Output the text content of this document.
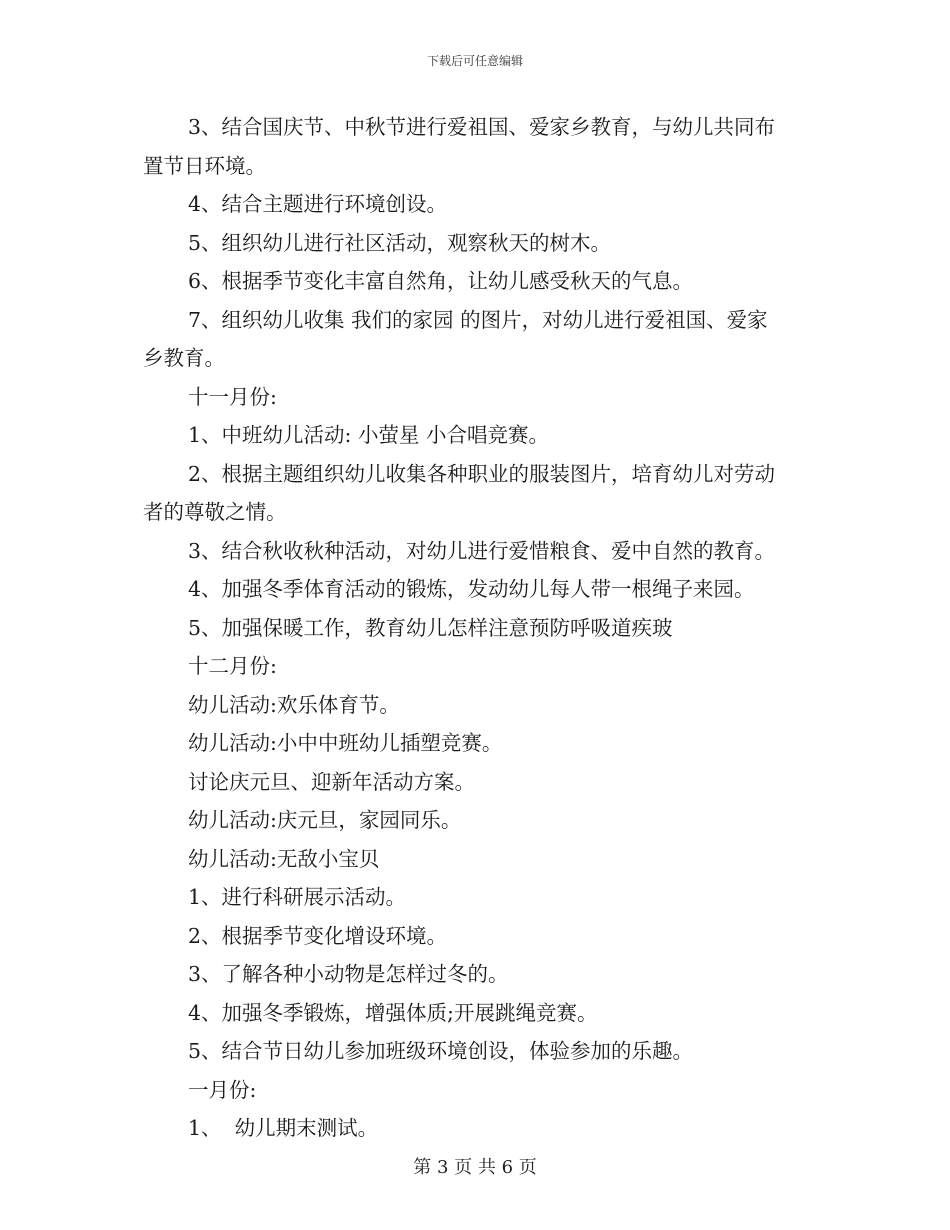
下载后可任意编辑
3、结合国庆节、中秋节进行爱祖国、爱家乡教育，与幼儿共同布
置节日环境。
4、结合主题进行环境创设。
5、组织幼儿进行社区活动，观察秋天的树木。
6、根据季节变化丰富自然角，让幼儿感受秋天的气息。
7、组织幼儿收集 我们的家园 的图片，对幼儿进行爱祖国、爱家
乡教育。
十一月份:
1、中班幼儿活动: 小萤星 小合唱竞赛。
2、根据主题组织幼儿收集各种职业的服装图片，培育幼儿对劳动
者的尊敬之情。
3、结合秋收秋种活动，对幼儿进行爱惜粮食、爱中自然的教育。
4、加强冬季体育活动的锻炼，发动幼儿每人带一根绳子来园。
5、加强保暖工作，教育幼儿怎样注意预防呼吸道疾玻
十二月份:
幼儿活动:欢乐体育节。
幼儿活动:小中中班幼儿插塑竞赛。
讨论庆元旦、迎新年活动方案。
幼儿活动:庆元旦，家园同乐。
幼儿活动:无敌小宝贝
1、进行科研展示活动。
2、根据季节变化增设环境。
3、了解各种小动物是怎样过冬的。
4、加强冬季锻炼，增强体质;开展跳绳竞赛。
5、结合节日幼儿参加班级环境创设，体验参加的乐趣。
一月份:
1、  幼儿期末测试。
第 3 页 共 6 页
